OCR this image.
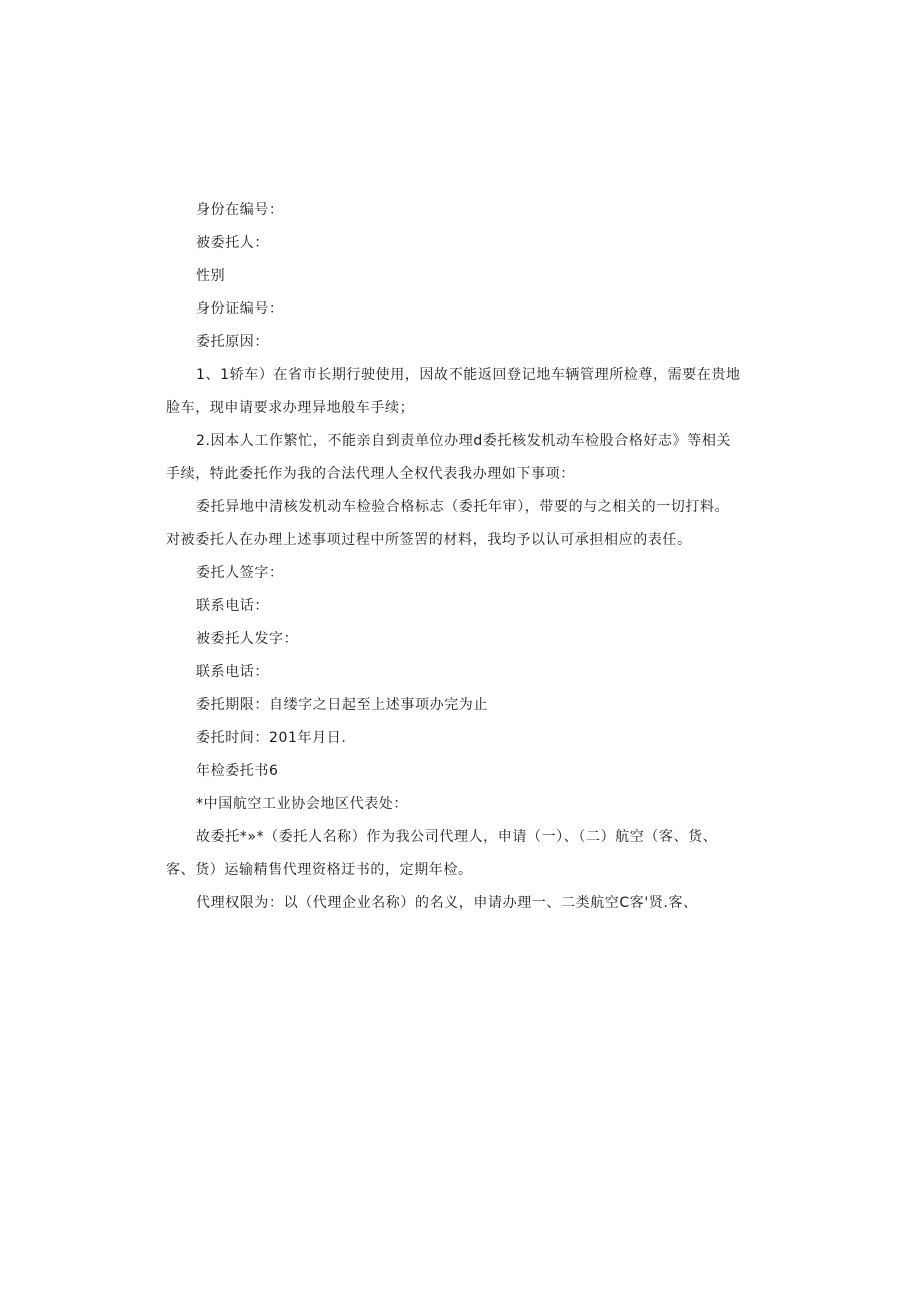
身份在编号：
被委托人：
性别
身份证编号：
委托原因：
1、1轿车）在省市长期行驶使用，因故不能返回登记地车辆管理所检尊，需要在贵地
脸车，现申请要求办理异地般车手续；
2.因本人工作繁忙，不能亲自到责单位办理d委托核发机动车检股合格好志》等相关
手续，特此委托作为我的合法代理人全权代表我办理如下事项：
委托异地中清核发机动车检验合格标志（委托年审），带要的与之相关的一切打料。
对被委托人在办理上述事项过程中所签罟的材料，我均予以认可承担相应的表任。
委托人签字：
联系电话：
被委托人发字：
联系电话：
委托期限：自缕字之日起至上述事项办完为止
委托时间：201年月日.
年检委托书6
*中国航空工业协会地区代表处：
故委托*»*（委托人名称）作为我公司代理人，申请（一）、（二）航空（客、货、
客、货）运输精售代理资格迂书的，定期年检。
代理权限为：以（代理企业名称）的名义，申请办理一、二类航空C客'贤.客、
